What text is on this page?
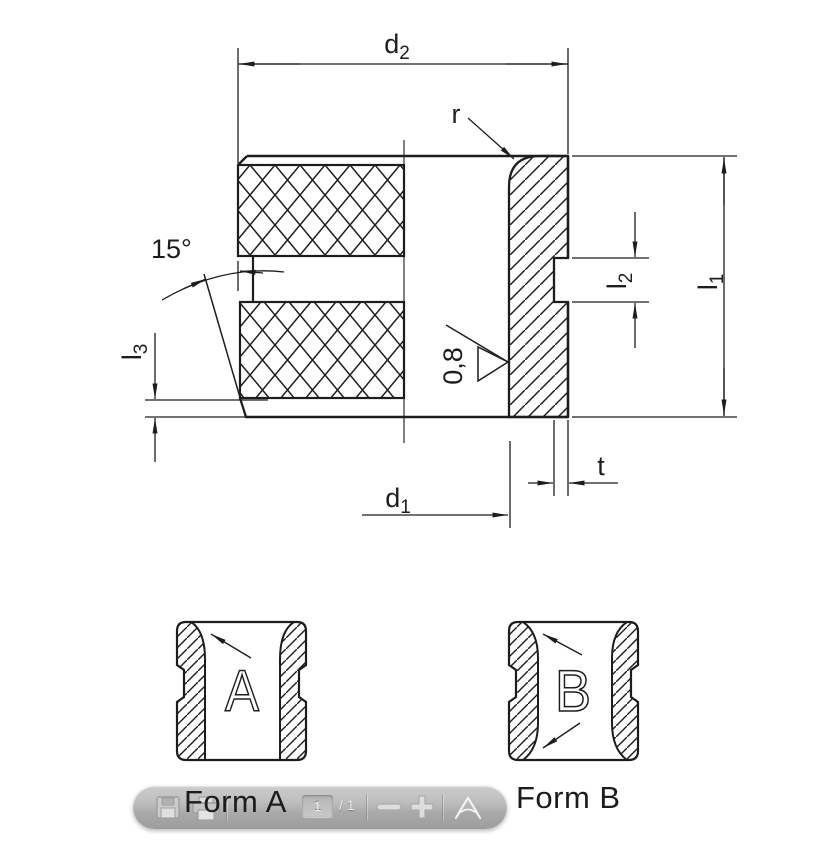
$d_2$
r
15°
$l_3$	0,8
$l_2$
$l_1$
t
$d_1$
A	B
1	/ 1
Form A	Form B
